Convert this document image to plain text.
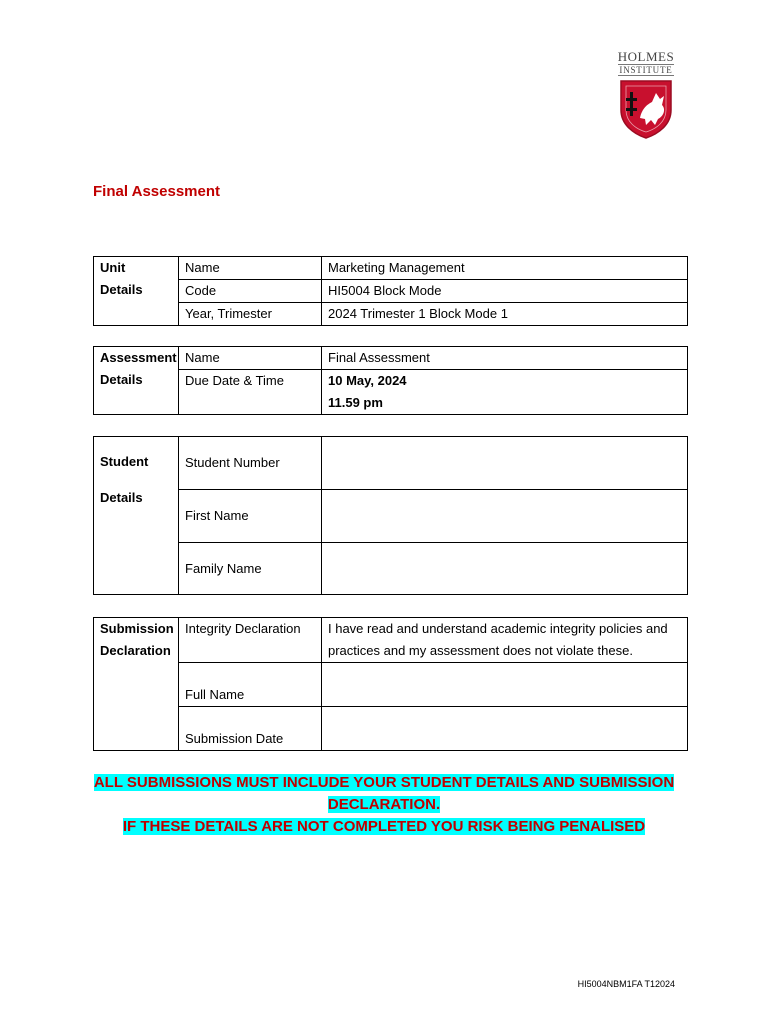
HOLMES
INSTITUTE
Final Assessment
Unit
Details	Name	Marketing Management
	Code	HI5004 Block Mode
	Year, Trimester	2024 Trimester 1 Block Mode 1
Assessment
Details	Name	Final Assessment
	Due Date & Time	10 May, 2024
11.59 pm
Student
Details	Student Number	
	First Name	
	Family Name	
Submission
Declaration	Integrity Declaration	I have read and understand academic integrity policies and practices and my assessment does not violate these.
	Full Name	
	Submission Date	
ALL SUBMISSIONS MUST INCLUDE YOUR STUDENT DETAILS AND SUBMISSION
DECLARATION.
IF THESE DETAILS ARE NOT COMPLETED YOU RISK BEING PENALISED
HI5004NBM1FA T12024
